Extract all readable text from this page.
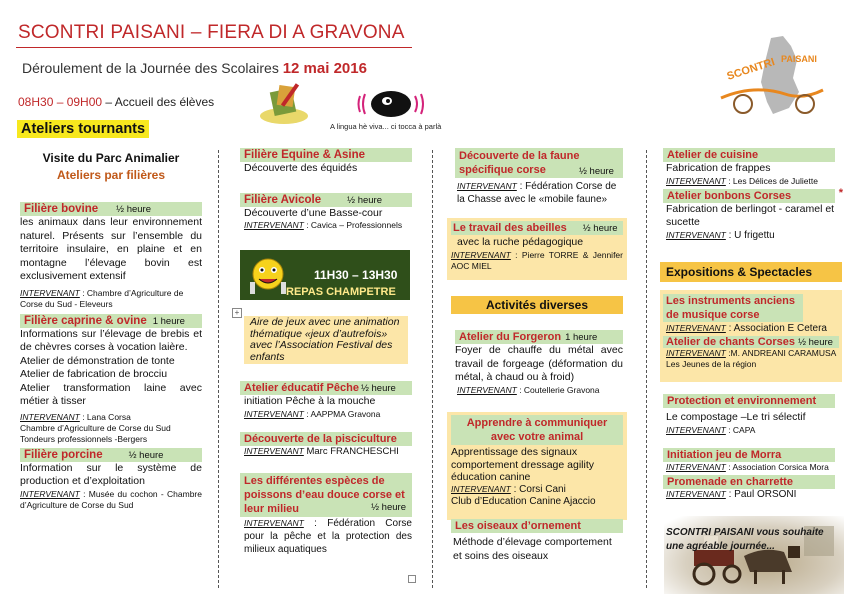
SCONTRI PAISANI – FIERA DI A GRAVONA
Déroulement de la Journée des Scolaires 12 mai 2016
08H30 – 09H00 – Accueil des élèves
Ateliers tournants	A lingua hè viva... ci tocca à parlà
SCONTRI PAISANI
Visite du Parc Animalier
Ateliers par filières
Filière bovine ½ heure
les animaux dans leur environnement naturel. Présents sur l’ensemble du territoire insulaire, en plaine et en montagne l’élevage bovin est exclusivement extensif
INTERVENANT : Chambre d’Agriculture de Corse du Sud - Eleveurs
Filière caprine & ovine 1 heure
Informations sur l’élevage de brebis et de chèvres corses à vocation laière.
Atelier de démonstration de tonte
Atelier de fabrication de brocciu
Atelier transformation laine avec métier à tisser
INTERVENANT : Lana Corsa
Chambre d’Agriculture de Corse du Sud
Tondeurs professionnels -Bergers
Filière porcine	½ heure
Information sur le système de production et d’exploitation
INTERVENANT : Musée du cochon - Chambre d’Agriculture de Corse du Sud
Filière Equine & Asine
Découverte des équidés
Filière Avicole	½ heure
Découverte d’une Basse-cour
INTERVENANT : Cavica – Professionnels
11H30 – 13H30
REPAS CHAMPETRE
+
Aire de jeux avec une animation thématique «jeux d’autrefois» avec l’Association Festival des enfants
Atelier éducatif Pêche ½ heure
initiation Pêche à la mouche
INTERVENANT : AAPPMA Gravona
Découverte de la pisciculture
INTERVENANT Marc FRANCHESCHI
Les différentes espèces de poissons d’eau douce corse et leur milieu	½ heure
INTERVENANT : Fédération Corse pour la pêche et la protection des milieux aquatiques
Découverte de la faune spécifique corse	½ heure
INTERVENANT : Fédération Corse de la Chasse avec le «mobile faune»
Le travail des abeilles ½ heure
avec la ruche pédagogique
INTERVENANT : Pierre TORRE & Jennifer AOC MIEL
Activités diverses
Atelier du Forgeron 1 heure
Foyer de chauffe du métal avec travail de forgeage (déformation du métal, à chaud ou à froid)
INTERVENANT : Coutellerie Gravona
Apprendre à communiquer avec votre animal
Apprentissage des signaux comportement dressage agility éducation canine
INTERVENANT : Corsi Cani
Club d’Education Canine Ajaccio
Les oiseaux d’ornement
Méthode d’élevage comportement et soins des oiseaux
Atelier de cuisine
Fabrication de frappes
INTERVENANT : Les Délices de Juliette
Atelier bonbons Corses	*
Fabrication de berlingot - caramel et sucette
INTERVENANT : U frigettu
Expositions & Spectacles
Les instruments anciens de musique corse
INTERVENANT : Association E Cetera
Atelier de chants Corses ½ heure
INTERVENANT :M. ANDREANI CARAMUSA
Les Jeunes de la région
Protection et environnement
Le compostage –Le tri sélectif
INTERVENANT : CAPA
Initiation jeu de Morra
INTERVENANT : Association Corsica Mora
Promenade en charrette
INTERVENANT : Paul ORSONI
SCONTRI PAISANI vous souhaite une agréable journée...
